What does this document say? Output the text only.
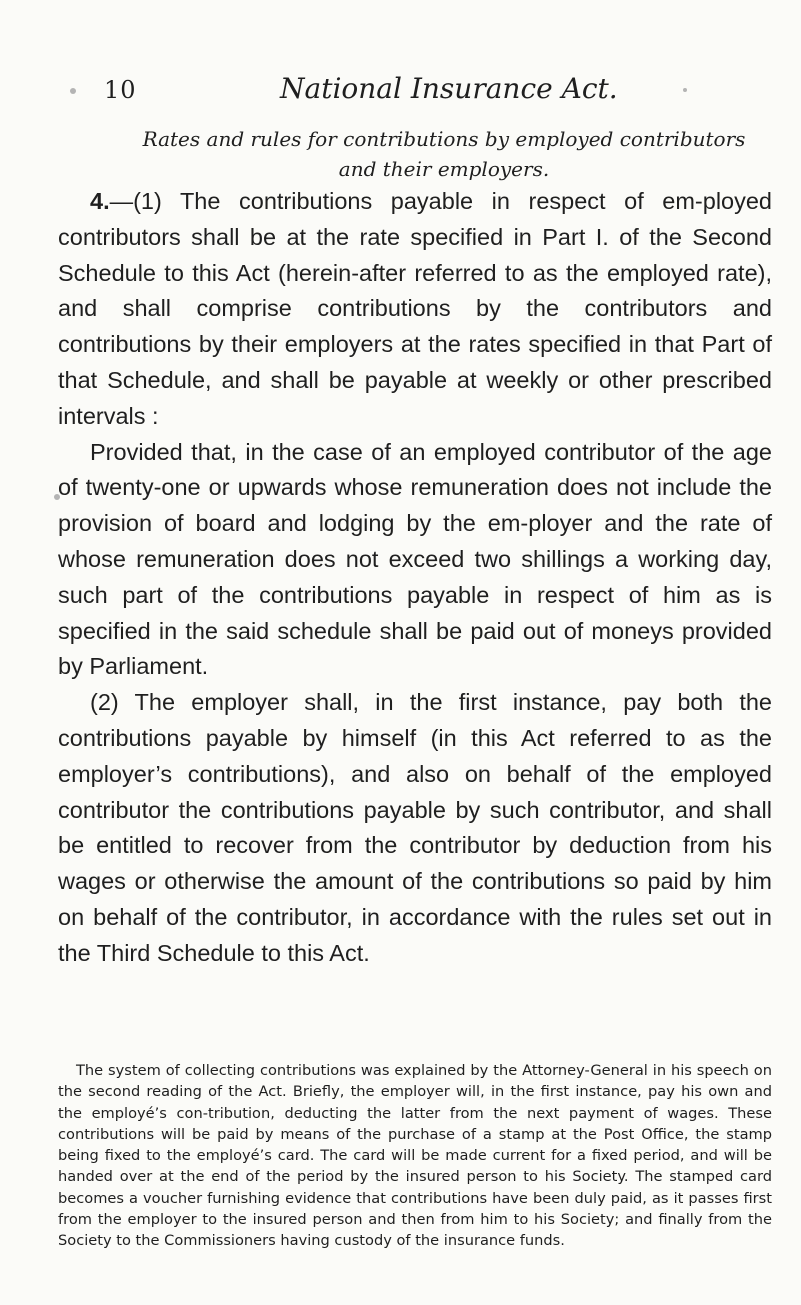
10	National Insurance Act.
Rates and rules for contributions by employed contributors
and their employers.

4.—(1) The contributions payable in respect of em-ployed contributors shall be at the rate specified in Part I. of the Second Schedule to this Act (herein-after referred to as the employed rate), and shall comprise contributions by the contributors and contributions by their employers at the rates specified in that Part of that Schedule, and shall be payable at weekly or other prescribed intervals :

Provided that, in the case of an employed contributor of the age of twenty-one or upwards whose remuneration does not include the provision of board and lodging by the em-ployer and the rate of whose remuneration does not exceed two shillings a working day, such part of the contributions payable in respect of him as is specified in the said schedule shall be paid out of moneys provided by Parliament.

(2) The employer shall, in the first instance, pay both the contributions payable by himself (in this Act referred to as the employer’s contributions), and also on behalf of the employed contributor the contributions payable by such contributor, and shall be entitled to recover from the contributor by deduction from his wages or otherwise the amount of the contributions so paid by him on behalf of the contributor, in accordance with the rules set out in the Third Schedule to this Act.

The system of collecting contributions was explained by the Attorney-General in his speech on the second reading of the Act. Briefly, the employer will, in the first instance, pay his own and the employé’s con-tribution, deducting the latter from the next payment of wages. These contributions will be paid by means of the purchase of a stamp at the Post Office, the stamp being fixed to the employé’s card. The card will be made current for a fixed period, and will be handed over at the end of the period by the insured person to his Society. The stamped card becomes a voucher furnishing evidence that contributions have been duly paid, as it passes first from the employer to the insured person and then from him to his Society; and finally from the Society to the Commissioners having custody of the insurance funds.
